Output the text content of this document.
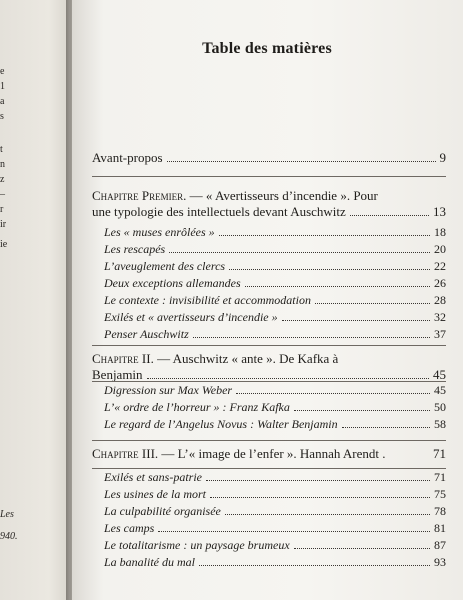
e
1
a
s
t
n
z
–
r
ir
ie
Les
940.
Table des matières
Avant-propos	9
Chapitre Premier. — « Avertisseurs d’incendie ». Pour
une typologie des intellectuels devant Auschwitz	13
Les « muses enrôlées »	18
Les rescapés	20
L’aveuglement des clercs	22
Deux exceptions allemandes	26
Le contexte : invisibilité et accommodation	28
Exilés et « avertisseurs d’incendie »	32
Penser Auschwitz	37
Chapitre II. — Auschwitz « ante ». De Kafka à
Benjamin	45
Digression sur Max Weber	45
L’« ordre de l’horreur » : Franz Kafka	50
Le regard de l’Angelus Novus : Walter Benjamin	58
Chapitre III. — L’« image de l’enfer ». Hannah Arendt .	71
Exilés et sans-patrie	71
Les usines de la mort	75
La culpabilité organisée	78
Les camps	81
Le totalitarisme : un paysage brumeux	87
La banalité du mal	93
